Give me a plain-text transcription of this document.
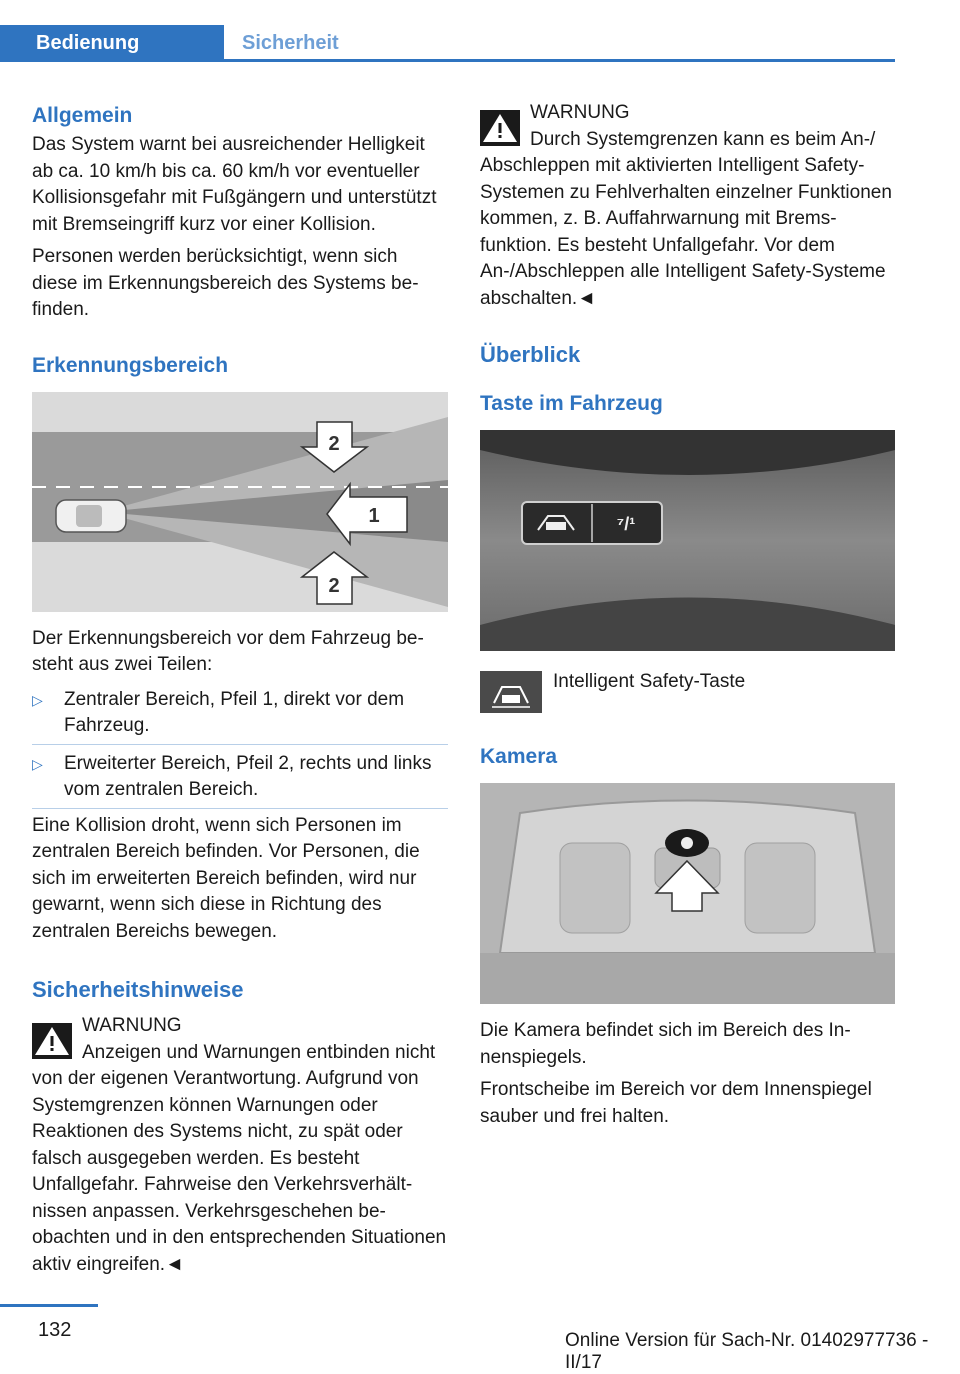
Bedienung	Sicherheit
Allgemein

Das System warnt bei ausreichender Helligkeit ab ca. 10 km/h bis ca. 60 km/h vor eventueller Kollisionsgefahr mit Fußgängern und unterstützt mit Bremseingriff kurz vor einer Kollision.

Personen werden berücksichtigt, wenn sich diese im Erkennungsbereich des Systems befinden.

Erkennungsbereich
2
1
2

Der Erkennungsbereich vor dem Fahrzeug besteht aus zwei Teilen:

▷ Zentraler Bereich, Pfeil 1, direkt vor dem Fahrzeug.
▷ Erweiterter Bereich, Pfeil 2, rechts und links vom zentralen Bereich.

Eine Kollision droht, wenn sich Personen im zentralen Bereich befinden. Vor Personen, die sich im erweiterten Bereich befinden, wird nur gewarnt, wenn sich diese in Richtung des zentralen Bereichs bewegen.

Sicherheitshinweise
WARNUNG

Anzeigen und Warnungen entbinden nicht von der eigenen Verantwortung. Aufgrund von Systemgrenzen können Warnungen oder Reaktionen des Systems nicht, zu spät oder falsch ausgegeben werden. Es besteht Unfallgefahr. Fahrweise den Verkehrsverhältnissen anpassen. Verkehrsgeschehen beobachten und in den entsprechenden Situationen aktiv eingreifen.◄

WARNUNG

Durch Systemgrenzen kann es beim An-/ Abschleppen mit aktivierten Intelligent Safety-Systemen zu Fehlverhalten einzelner Funktionen kommen, z. B. Auffahrwarnung mit Bremsfunktion. Es besteht Unfallgefahr. Vor dem An-/Abschleppen alle Intelligent Safety-Systeme abschalten.◄

Überblick
Taste im Fahrzeug
⁷/¹

Intelligent Safety-Taste

Kamera

Die Kamera befindet sich im Bereich des Innenspiegels.

Frontscheibe im Bereich vor dem Innenspiegel sauber und frei halten.

132	Online Version für Sach-Nr. 01402977736 - II/17
